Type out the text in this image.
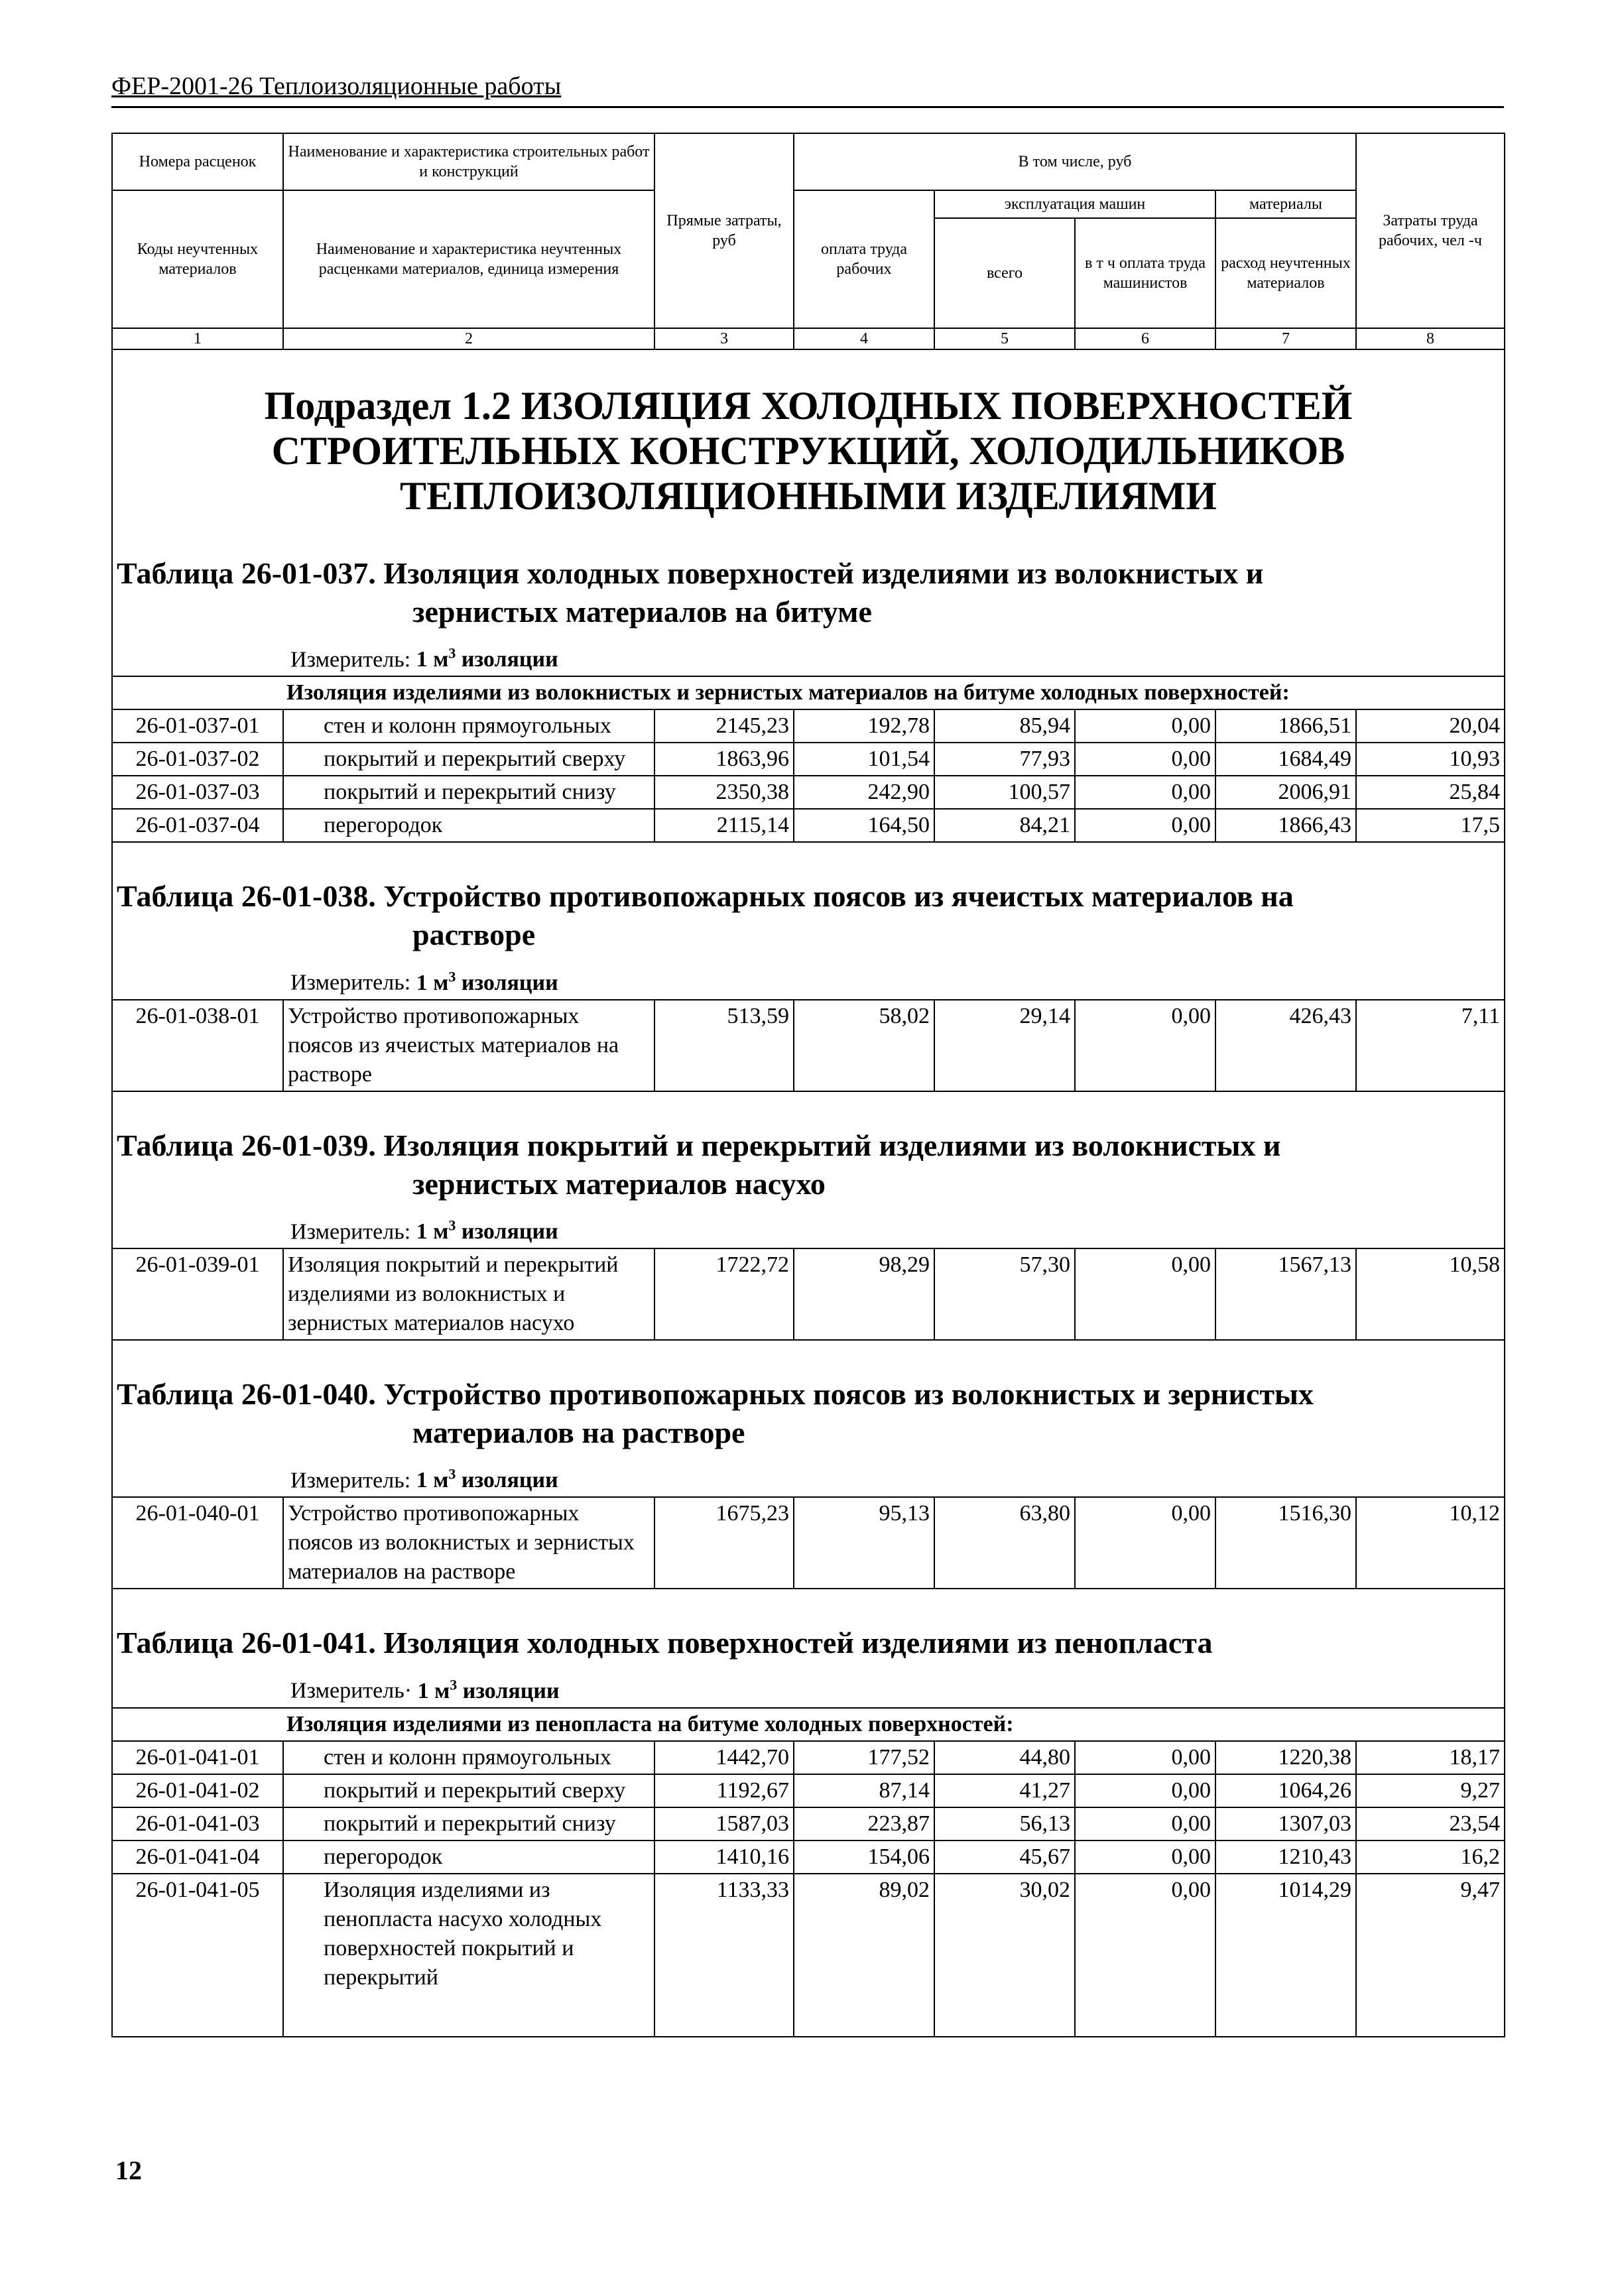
ФЕР-2001-26 Теплоизоляционные работы
Номера расценок	Наименование и характеристика строительных работ и конструкций	Прямые затраты, руб	В том числе, руб				Затраты труда рабочих, чел -ч
Коды неучтенных материалов	Наименование и характеристика неучтенных расценками материалов, единица измерения		оплата труда рабочих	эксплуатация машин		материалы	
				всего	в т ч оплата труда машинистов	расход неучтенных материалов	
1	2	3	4	5	6	7	8

Подраздел 1.2 ИЗОЛЯЦИЯ ХОЛОДНЫХ ПОВЕРХНОСТЕЙ СТРОИТЕЛЬНЫХ КОНСТРУКЦИЙ, ХОЛОДИЛЬНИКОВ ТЕПЛОИЗОЛЯЦИОННЫМИ ИЗДЕЛИЯМИ							

Таблица 26-01-037. Изоляция холодных поверхностей изделиями из волокнистых и
зернистых материалов на битуме
Измеритель: 1 $м^3$ изоляции							

Изоляция изделиями из волокнистых и зернистых материалов на битуме холодных поверхностей:							
26-01-037-01	стен и колонн прямоугольных	2145,23	192,78	85,94	0,00	1866,51	20,04
26-01-037-02	покрытий и перекрытий сверху	1863,96	101,54	77,93	0,00	1684,49	10,93
26-01-037-03	покрытий и перекрытий снизу	2350,38	242,90	100,57	0,00	2006,91	25,84
26-01-037-04	перегородок	2115,14	164,50	84,21	0,00	1866,43	17,5

Таблица 26-01-038. Устройство противопожарных поясов из ячеистых материалов на
растворе
Измеритель: 1 $м^3$ изоляции							

26-01-038-01	Устройство противопожарных поясов из ячеистых материалов на растворе	513,59	58,02	29,14	0,00	426,43	7,11

Таблица 26-01-039. Изоляция покрытий и перекрытий изделиями из волокнистых и
зернистых материалов насухо
Измеритель: 1 $м^3$ изоляции							

26-01-039-01	Изоляция покрытий и перекрытий изделиями из волокнистых и зернистых материалов насухо	1722,72	98,29	57,30	0,00	1567,13	10,58

Таблица 26-01-040. Устройство противопожарных поясов из волокнистых и зернистых
материалов на растворе
Измеритель: 1 $м^3$ изоляции							

26-01-040-01	Устройство противопожарных поясов из волокнистых и зернистых материалов на растворе	1675,23	95,13	63,80	0,00	1516,30	10,12

Таблица 26-01-041. Изоляция холодных поверхностей изделиями из пенопласта
Измеритель· 1 $м^3$ изоляции							

Изоляция изделиями из пенопласта на битуме холодных поверхностей:							
26-01-041-01	стен и колонн прямоугольных	1442,70	177,52	44,80	0,00	1220,38	18,17
26-01-041-02	покрытий и перекрытий сверху	1192,67	87,14	41,27	0,00	1064,26	9,27
26-01-041-03	покрытий и перекрытий снизу	1587,03	223,87	56,13	0,00	1307,03	23,54
26-01-041-04	перегородок	1410,16	154,06	45,67	0,00	1210,43	16,2
26-01-041-05	Изоляция изделиями из пенопласта насухо холодных поверхностей покрытий и перекрытий	1133,33	89,02	30,02	0,00	1014,29	9,47
12
